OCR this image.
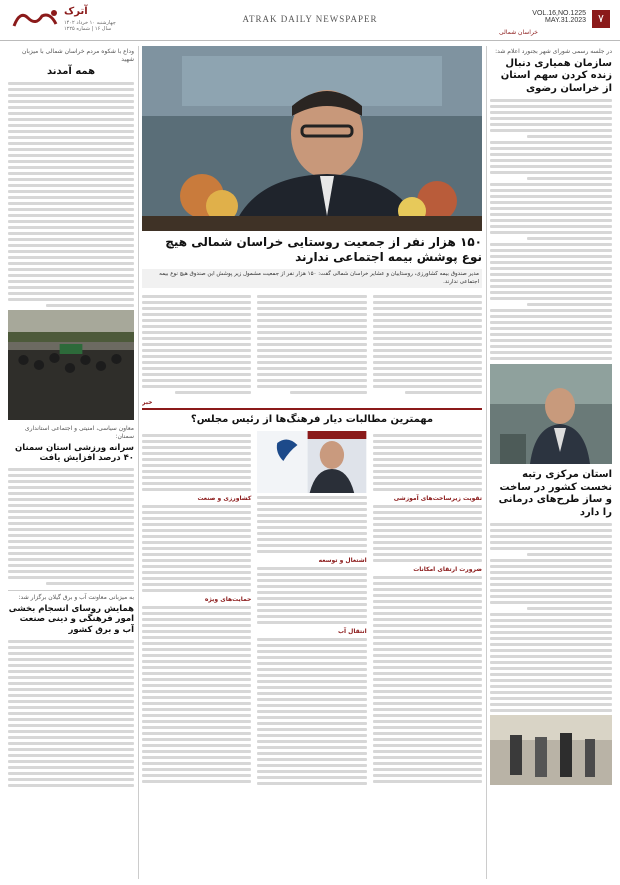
آترک
چهارشنبه ۱۰ خرداد ۱۴۰۲
سال ۱۶ | شماره ۱۲۲۵
ATRAK DAILY NEWSPAPER	۷
VOL.16,NO.1225
MAY.31.2023
خراسان شمالی
در جلسه رسمی شورای شهر بجنورد اعلام شد:
سازمان همیاری دنبال زنده کردن سهم استان از خراسان رضوی
استان مرکزی رتبه نخست کشور در ساخت و ساز طرح‌های درمانی را دارد
۱۵۰ هزار نفر از جمعیت روستایی خراسان شمالی هیچ نوع پوشش بیمه اجتماعی ندارند
مدیر صندوق بیمه کشاورزی، روستاییان و عشایر خراسان شمالی گفت: ۱۵۰ هزار نفر از جمعیت مشمول زیر پوشش این صندوق هیچ نوع بیمه اجتماعی ندارند.
خبر
مهمترین مطالبات دیار فرهنگ‌ها از رئیس مجلس؟
تقویت زیرساخت‌های آموزشی
ضرورت ارتقای امکانات
اشتغال و توسعه
انتقال آب
کشاورزی و صنعت
حمایت‌های ویژه
وداع با شکوه مردم خراسان شمالی با میزبان شهید
همه آمدند
معاون سیاسی، امنیتی و اجتماعی استانداری سمنان:
سرانه ورزشی استان سمنان ۴۰ درصد افزایش یافت
به میزبانی معاونت آب و برق گیلان برگزار شد:
همایش روسای انسجام بخشی امور فرهنگی و دینی صنعت آب و برق کشور
